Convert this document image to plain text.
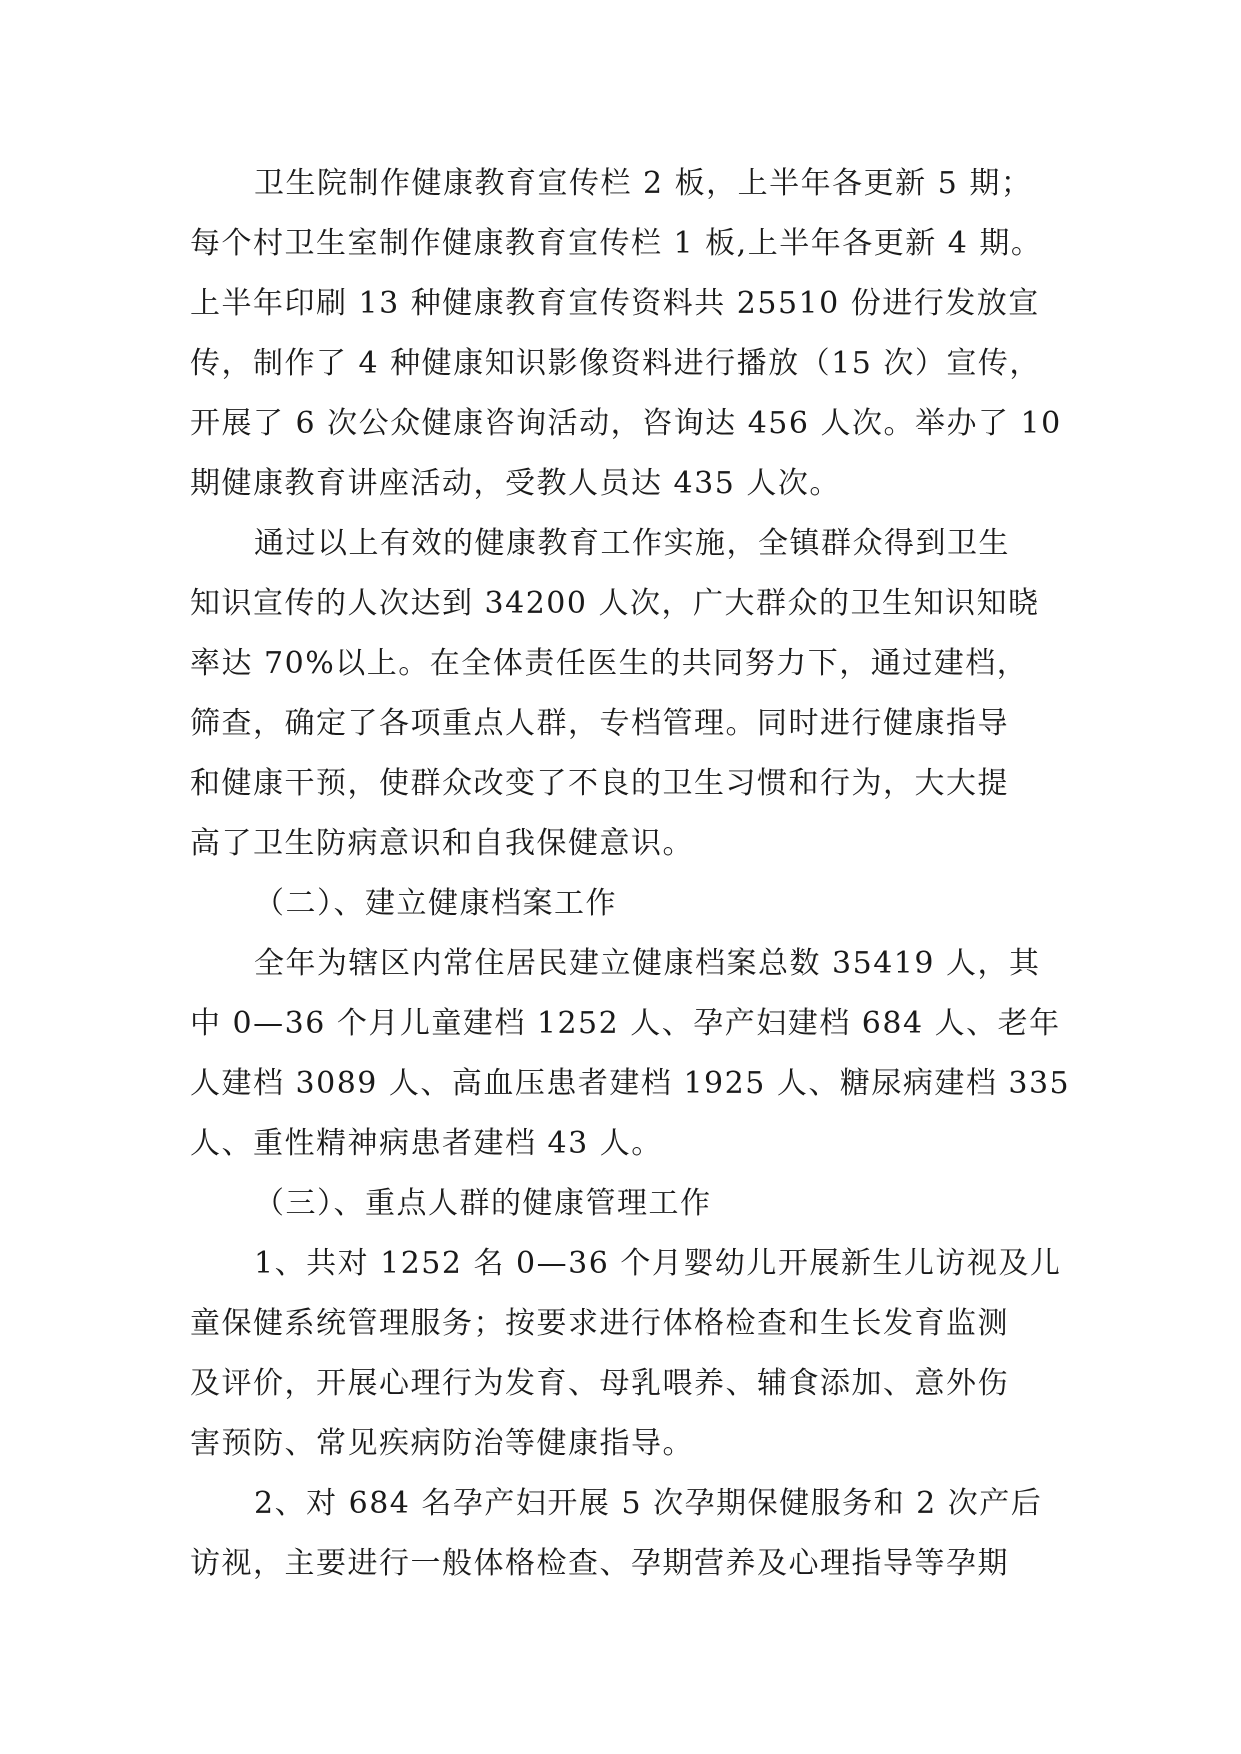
卫生院制作健康教育宣传栏 2 板，上半年各更新 5 期；
每个村卫生室制作健康教育宣传栏 1 板,上半年各更新 4 期。
上半年印刷 13 种健康教育宣传资料共 25510 份进行发放宣
传，制作了 4 种健康知识影像资料进行播放（15 次）宣传，
开展了 6 次公众健康咨询活动，咨询达 456 人次。举办了 10
期健康教育讲座活动，受教人员达 435 人次。
通过以上有效的健康教育工作实施，全镇群众得到卫生
知识宣传的人次达到 34200 人次，广大群众的卫生知识知晓
率达 70%以上。在全体责任医生的共同努力下，通过建档，
筛查，确定了各项重点人群，专档管理。同时进行健康指导
和健康干预，使群众改变了不良的卫生习惯和行为，大大提
高了卫生防病意识和自我保健意识。
（二）、建立健康档案工作
全年为辖区内常住居民建立健康档案总数 35419 人，其
中 0—36 个月儿童建档 1252 人、孕产妇建档 684 人、老年
人建档 3089 人、高血压患者建档 1925 人、糖尿病建档 335
人、重性精神病患者建档 43 人。
（三）、重点人群的健康管理工作
1、共对 1252 名 0—36 个月婴幼儿开展新生儿访视及儿
童保健系统管理服务；按要求进行体格检查和生长发育监测
及评价，开展心理行为发育、母乳喂养、辅食添加、意外伤
害预防、常见疾病防治等健康指导。
2、对 684 名孕产妇开展 5 次孕期保健服务和 2 次产后
访视，主要进行一般体格检查、孕期营养及心理指导等孕期
